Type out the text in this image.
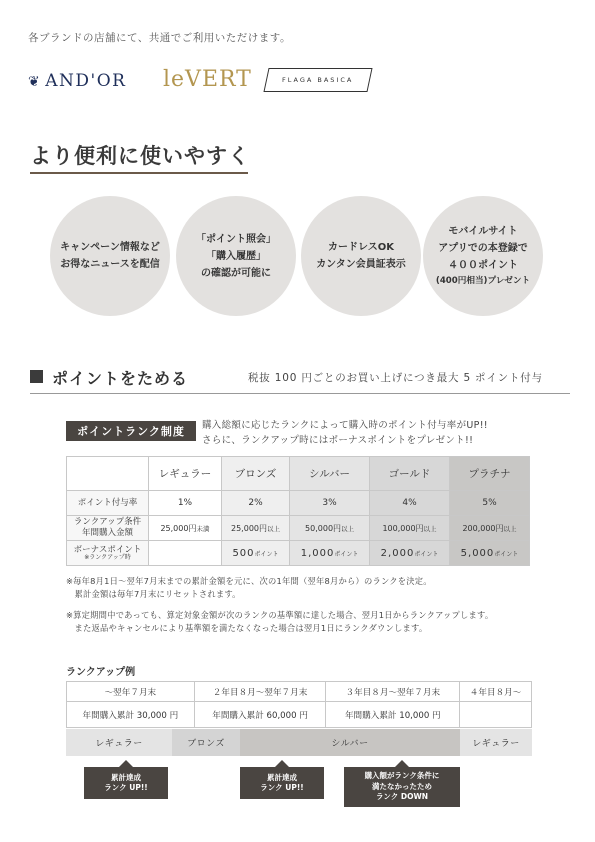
各ブランドの店舗にて、共通でご利用いただけます。
❦ AND'OR leVERT	FLAGA BASICA
より便利に使いやすく
キャンペーン情報など
お得なニュースを配信
「ポイント照会」
「購入履歴」
の確認が可能に
カードレスOK
カンタン会員証表示
モバイルサイト
アプリでの本登録で
４００ポイント
(400円相当)プレゼント
ポイントをためる	税抜 100 円ごとのお買い上げにつき最大 5 ポイント付与
ポイントランク制度	購入総額に応じたランクによって購入時のポイント付与率がUP!!
さらに、ランクアップ時にはボーナスポイントをプレゼント!!
	レギュラー	ブロンズ	シルバー	ゴールド	プラチナ
ポイント付与率	1%	2%	3%	4%	5%

ランクアップ条件
年間購入金額	25,000円未満	25,000円以上	50,000円以上	100,000円以上	200,000円以上

ボーナスポイント
※ランクアップ時		500ポイント	1,000ポイント	2,000ポイント	5,000ポイント

※毎年8月1日～翌年7月末までの累計金額を元に、次の1年間（翌年8月から）のランクを決定。

　累計金額は毎年7月末にリセットされます。

※算定期間中であっても、算定対象金額が次のランクの基準額に達した場合、翌月1日からランクアップします。

　また返品やキャンセルにより基準額を満たなくなった場合は翌月1日にランクダウンします。

ランクアップ例
～翌年７月末	２年目８月～翌年７月末	３年目８月～翌年７月末	４年目８月～
年間購入累計 30,000 円	年間購入累計 60,000 円	年間購入累計 10,000 円	
レギュラー	ブロンズ	シルバー	レギュラー
累計達成
ランク UP!!
累計達成
ランク UP!!
購入額がランク条件に
満たなかったため
ランク DOWN
